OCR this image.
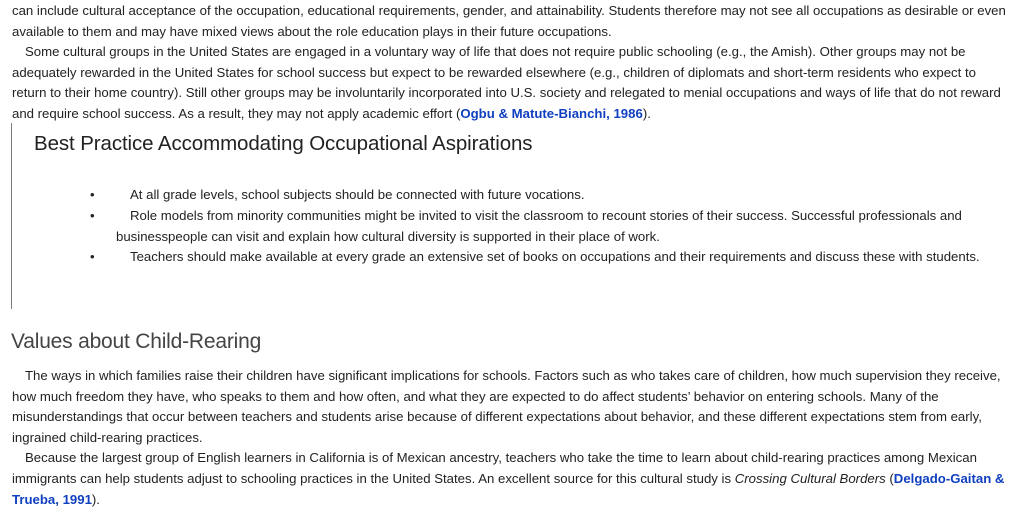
can include cultural acceptance of the occupation, educational requirements, gender, and attainability. Students therefore may not see all occupations as desirable or even available to them and may have mixed views about the role education plays in their future occupations.

Some cultural groups in the United States are engaged in a voluntary way of life that does not require public schooling (e.g., the Amish). Other groups may not be adequately rewarded in the United States for school success but expect to be rewarded elsewhere (e.g., children of diplomats and short-term residents who expect to return to their home country). Still other groups may be involuntarily incorporated into U.S. society and relegated to menial occupations and ways of life that do not reward and require school success. As a result, they may not apply academic effort (Ogbu & Matute-Bianchi, 1986).

Best Practice Accommodating Occupational Aspirations
•	At all grade levels, school subjects should be connected with future vocations.
•	Role models from minority communities might be invited to visit the classroom to recount stories of their success. Successful professionals and businesspeople can visit and explain how cultural diversity is supported in their place of work.
•	Teachers should make available at every grade an extensive set of books on occupations and their requirements and discuss these with students.
Values about Child-Rearing

The ways in which families raise their children have significant implications for schools. Factors such as who takes care of children, how much supervision they receive, how much freedom they have, who speaks to them and how often, and what they are expected to do affect students’ behavior on entering schools. Many of the misunderstandings that occur between teachers and students arise because of different expectations about behavior, and these different expectations stem from early, ingrained child-rearing practices.

Because the largest group of English learners in California is of Mexican ancestry, teachers who take the time to learn about child-rearing practices among Mexican immigrants can help students adjust to schooling practices in the United States. An excellent source for this cultural study is Crossing Cultural Borders (Delgado-Gaitan & Trueba, 1991).
